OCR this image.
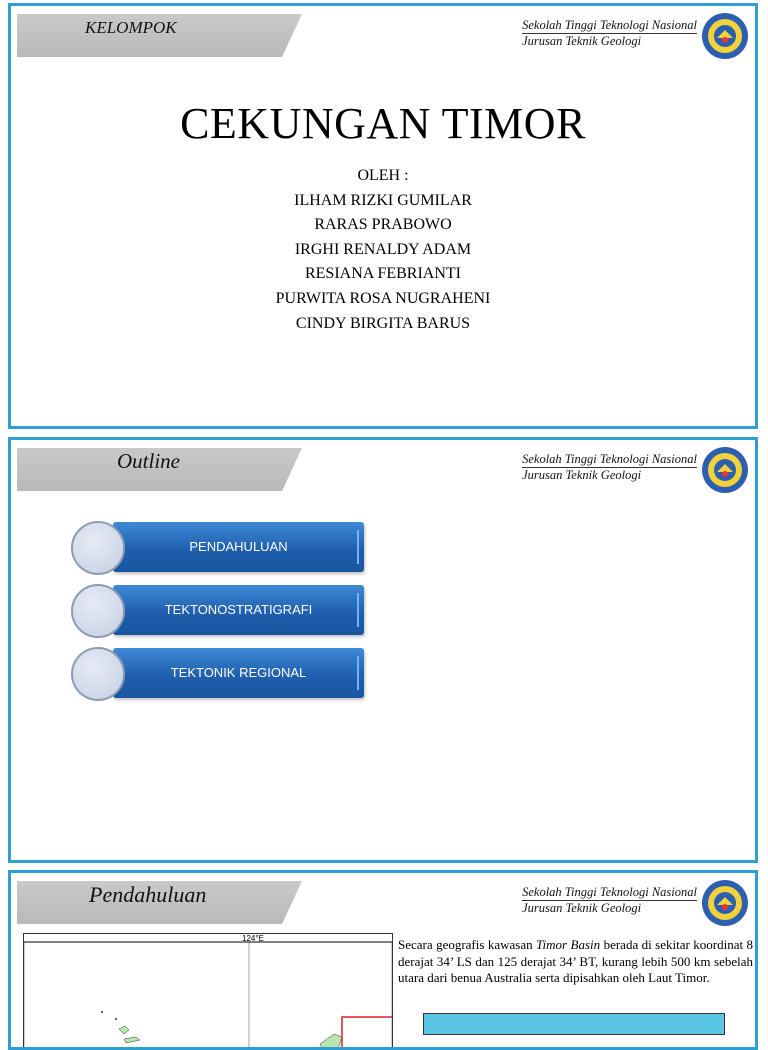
KELOMPOK	Sekolah Tinggi Teknologi Nasional
Jurusan Teknik Geologi
CEKUNGAN TIMOR
OLEH :
ILHAM RIZKI GUMILAR
RARAS PRABOWO
IRGHI RENALDY ADAM
RESIANA FEBRIANTI
PURWITA ROSA NUGRAHENI
CINDY BIRGITA BARUS
Outline	Sekolah Tinggi Teknologi Nasional
Jurusan Teknik Geologi
PENDAHULUAN
TEKTONOSTRATIGRAFI
TEKTONIK REGIONAL
Pendahuluan	Sekolah Tinggi Teknologi Nasional
Jurusan Teknik Geologi
124°E	Secara geografis kawasan Timor Basin berada di sekitar koordinat 8 derajat 34’ LS dan 125 derajat 34’ BT, kurang lebih 500 km sebelah utara dari benua Australia serta dipisahkan oleh Laut Timor.
